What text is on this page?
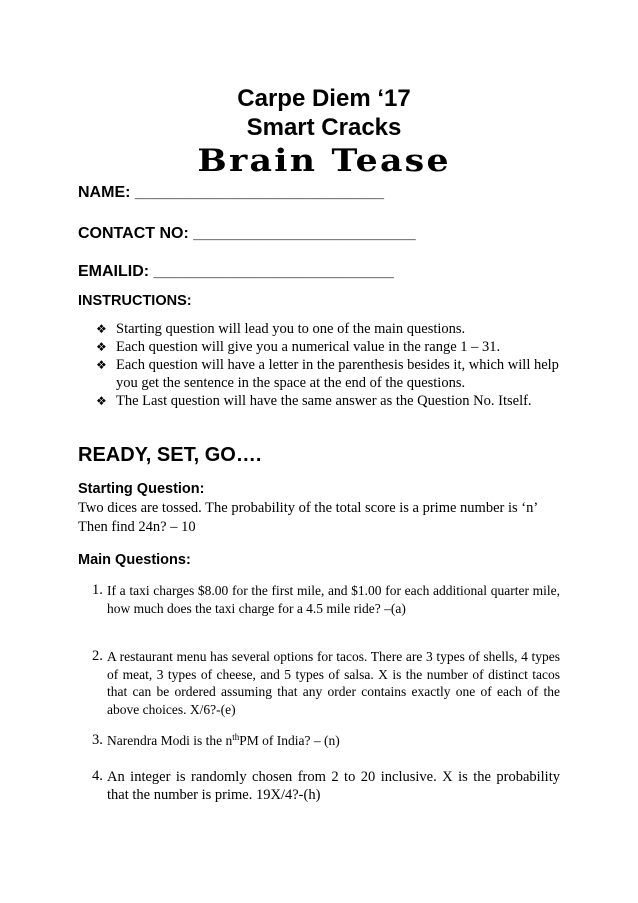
Carpe Diem ‘17
Smart Cracks
Brain Tease
NAME: ____________________________
CONTACT NO: _________________________
EMAILID: ___________________________
INSTRUCTIONS:
❖ Starting question will lead you to one of the main questions.
❖ Each question will give you a numerical value in the range 1 – 31.
❖ Each question will have a letter in the parenthesis besides it, which will help you get the sentence in the space at the end of the questions.
❖ The Last question will have the same answer as the Question No. Itself.
READY, SET, GO….
Starting Question:
Two dices are tossed. The probability of the total score is a prime number is ‘n’
Then find 24n? – 10
Main Questions:
1. If a taxi charges $8.00 for the first mile, and $1.00 for each additional quarter mile, how much does the taxi charge for a 4.5 mile ride? –(a)
2. A restaurant menu has several options for tacos. There are 3 types of shells, 4 types of meat, 3 types of cheese, and 5 types of salsa. X is the number of distinct tacos that can be ordered assuming that any order contains exactly one of each of the above choices. X/6?-(e)
3. Narendra Modi is the $n^{th}PM$ of India? – (n)
4. An integer is randomly chosen from 2 to 20 inclusive. X is the probability that the number is prime. 19X/4?-(h)
